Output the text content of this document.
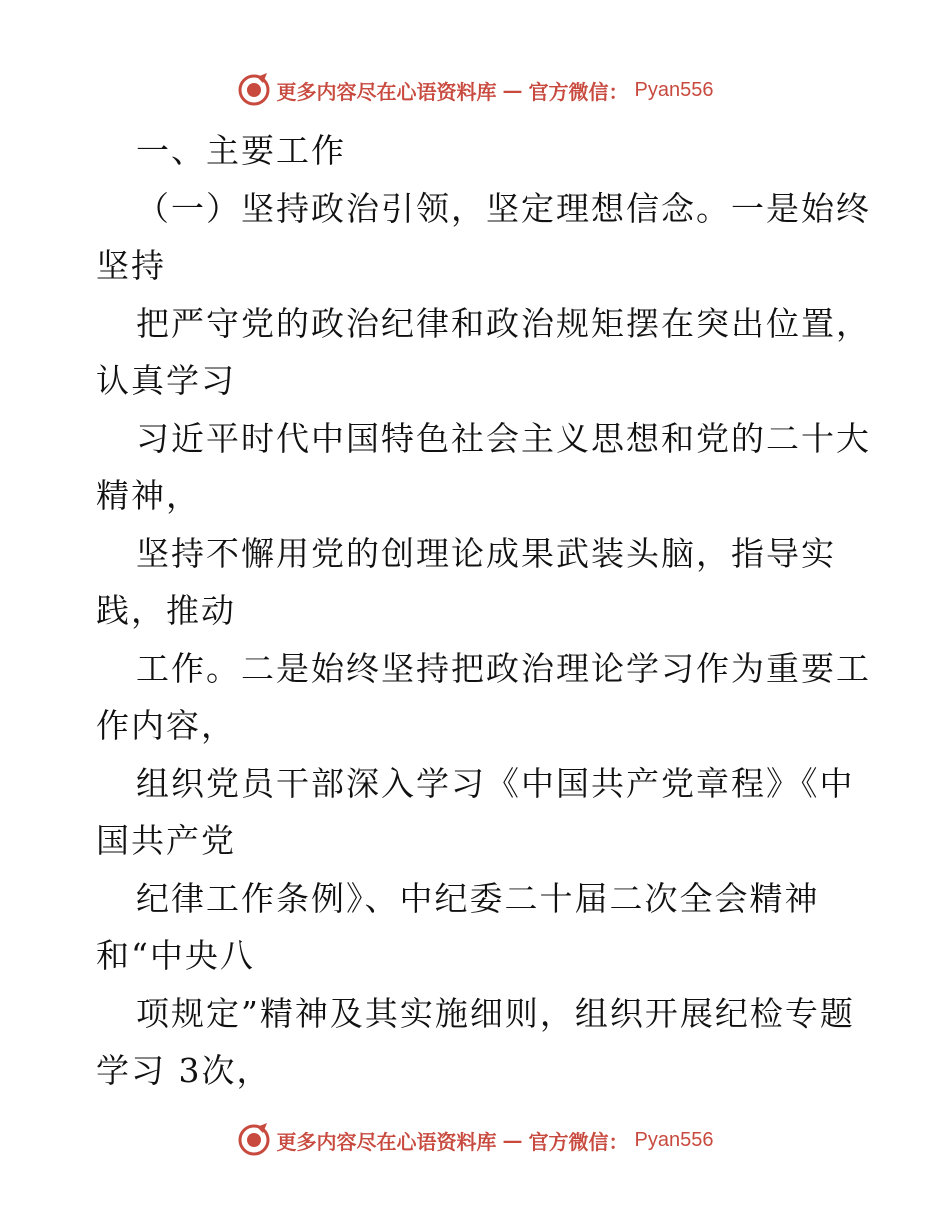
更多内容尽在心语资料库 — 官方微信： Pyan556
一、主要工作
（一）坚持政治引领，坚定理想信念。一是始终
坚持
把严守党的政治纪律和政治规矩摆在突出位置，
认真学习
习近平时代中国特色社会主义思想和党的二十大
精神，
坚持不懈用党的创理论成果武装头脑，指导实
践，推动
工作。二是始终坚持把政治理论学习作为重要工
作内容，
组织党员干部深入学习《中国共产党章程》《中
国共产党
纪律工作条例》、中纪委二十届二次全会精神
和“中央八
项规定”精神及其实施细则，组织开展纪检专题
学习 3次，
更多内容尽在心语资料库 — 官方微信： Pyan556
